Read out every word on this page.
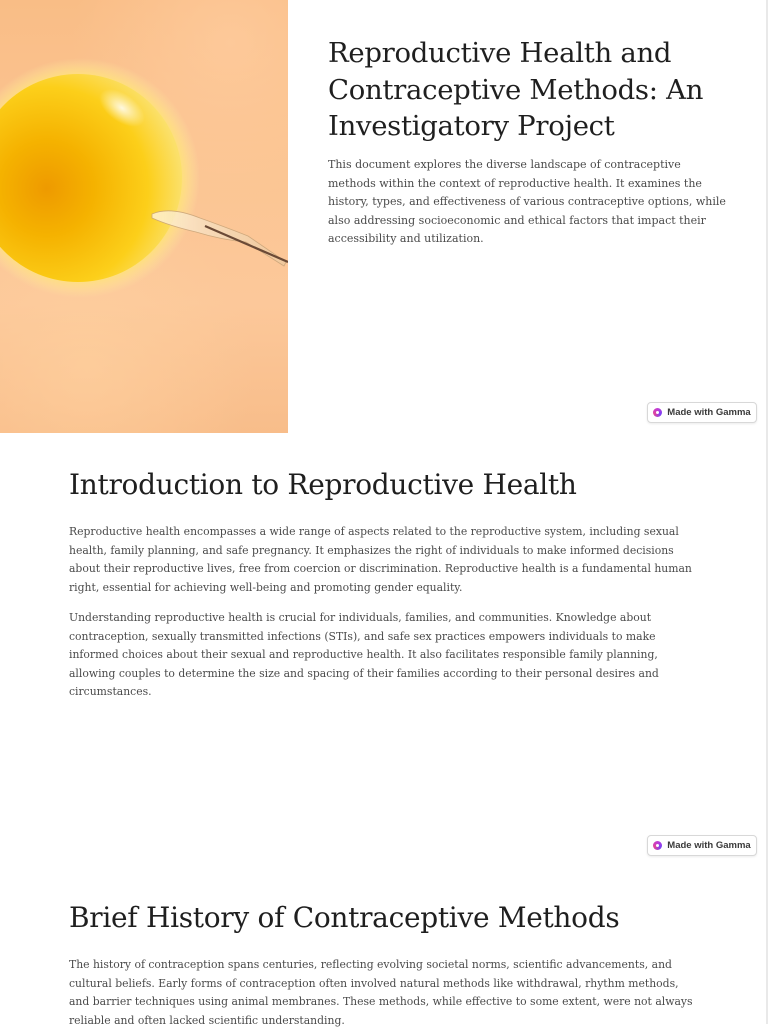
Reproductive Health and Contraceptive Methods: An Investigatory Project

This document explores the diverse landscape of contraceptive methods within the context of reproductive health. It examines the history, types, and effectiveness of various contraceptive options, while also addressing socioeconomic and ethical factors that impact their accessibility and utilization.

Made with Gamma
Introduction to Reproductive Health

Reproductive health encompasses a wide range of aspects related to the reproductive system, including sexual health, family planning, and safe pregnancy. It emphasizes the right of individuals to make informed decisions about their reproductive lives, free from coercion or discrimination. Reproductive health is a fundamental human right, essential for achieving well-being and promoting gender equality.

Understanding reproductive health is crucial for individuals, families, and communities. Knowledge about contraception, sexually transmitted infections (STIs), and safe sex practices empowers individuals to make informed choices about their sexual and reproductive health. It also facilitates responsible family planning, allowing couples to determine the size and spacing of their families according to their personal desires and circumstances.

Made with Gamma
Brief History of Contraceptive Methods

The history of contraception spans centuries, reflecting evolving societal norms, scientific advancements, and cultural beliefs. Early forms of contraception often involved natural methods like withdrawal, rhythm methods, and barrier techniques using animal membranes. These methods, while effective to some extent, were not always reliable and often lacked scientific understanding.
